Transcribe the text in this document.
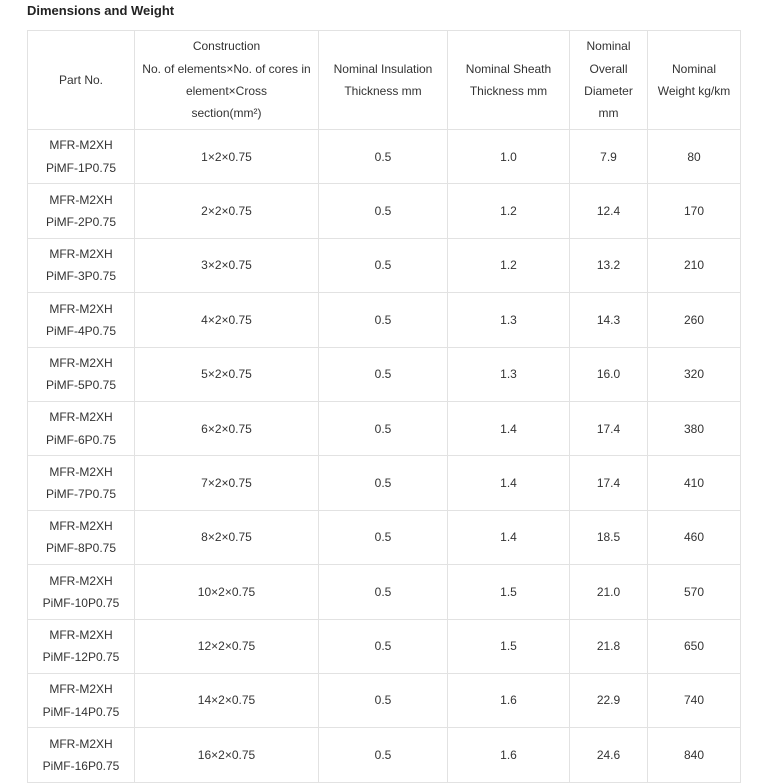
Dimensions and Weight
Part No.	Construction
No. of elements×No. of cores in
element×Cross
section(mm²)	Nominal Insulation
Thickness mm	Nominal Sheath
Thickness mm	Nominal
Overall
Diameter
mm	Nominal
Weight kg/km
MFR-M2XH
PiMF-1P0.75	1×2×0.75	0.5	1.0	7.9	80
MFR-M2XH
PiMF-2P0.75	2×2×0.75	0.5	1.2	12.4	170
MFR-M2XH
PiMF-3P0.75	3×2×0.75	0.5	1.2	13.2	210
MFR-M2XH
PiMF-4P0.75	4×2×0.75	0.5	1.3	14.3	260
MFR-M2XH
PiMF-5P0.75	5×2×0.75	0.5	1.3	16.0	320
MFR-M2XH
PiMF-6P0.75	6×2×0.75	0.5	1.4	17.4	380
MFR-M2XH
PiMF-7P0.75	7×2×0.75	0.5	1.4	17.4	410
MFR-M2XH
PiMF-8P0.75	8×2×0.75	0.5	1.4	18.5	460
MFR-M2XH
PiMF-10P0.75	10×2×0.75	0.5	1.5	21.0	570
MFR-M2XH
PiMF-12P0.75	12×2×0.75	0.5	1.5	21.8	650
MFR-M2XH
PiMF-14P0.75	14×2×0.75	0.5	1.6	22.9	740
MFR-M2XH
PiMF-16P0.75	16×2×0.75	0.5	1.6	24.6	840
